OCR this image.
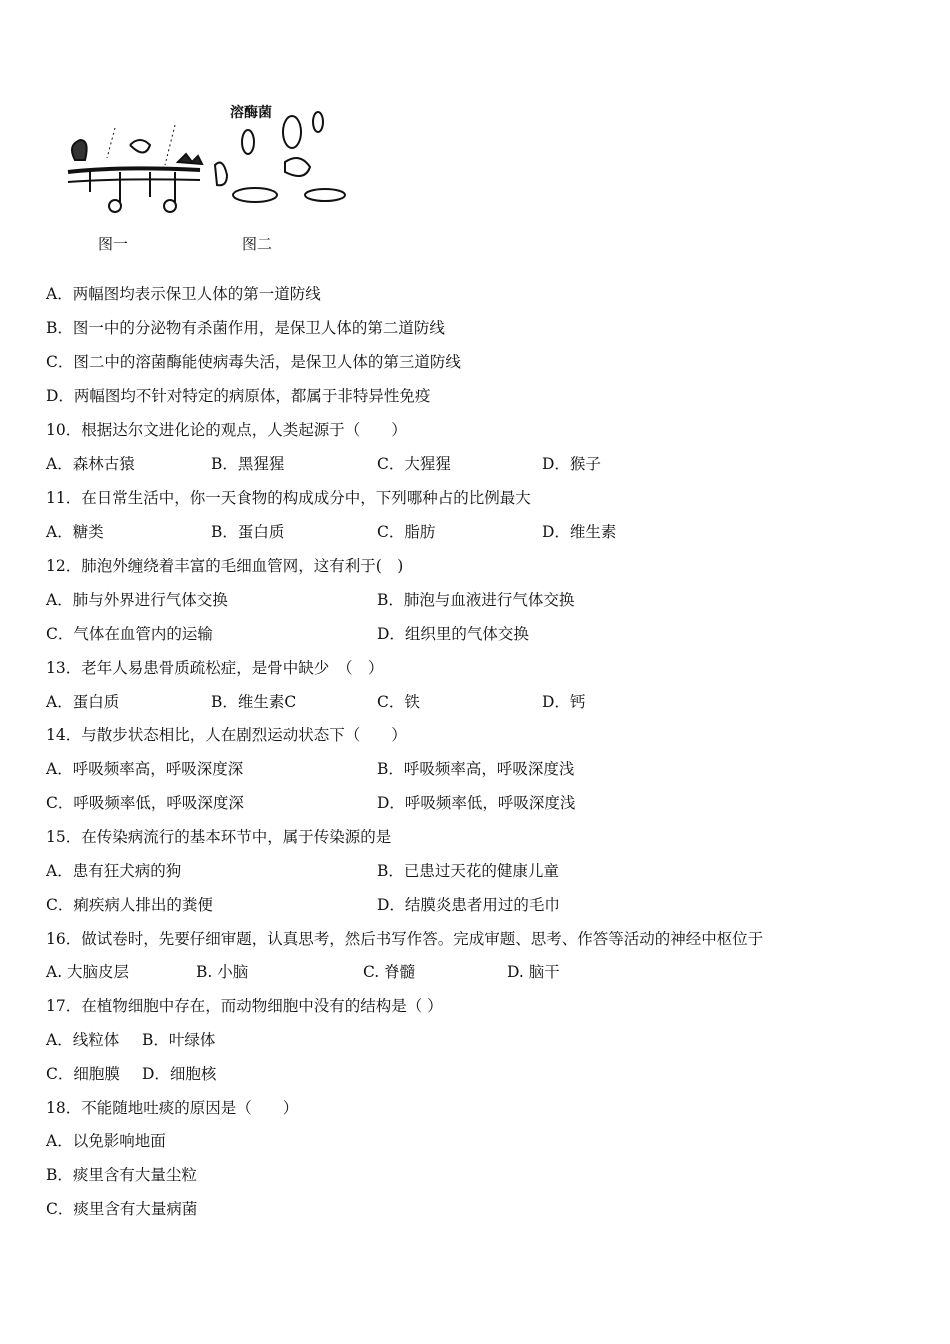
溶酶菌
图一	图二
A．两幅图均表示保卫人体的第一道防线
B．图一中的分泌物有杀菌作用，是保卫人体的第二道防线
C．图二中的溶菌酶能使病毒失活，是保卫人体的第三道防线
D．两幅图均不针对特定的病原体，都属于非特异性免疫
10．根据达尔文进化论的观点，人类起源于（　　）
A．森林古猿	B．黑猩猩	C．大猩猩	D．猴子
11．在日常生活中，你一天食物的构成成分中，下列哪种占的比例最大
A．糖类	B．蛋白质	C．脂肪	D．维生素
12．肺泡外缠绕着丰富的毛细血管网，这有利于(　)
A．肺与外界进行气体交换	B．肺泡与血液进行气体交换
C．气体在血管内的运输	D．组织里的气体交换
13．老年人易患骨质疏松症，是骨中缺少　（　）
A．蛋白质	B．维生素C	C．铁	D．钙
14．与散步状态相比，人在剧烈运动状态下（　　）
A．呼吸频率高，呼吸深度深	B．呼吸频率高，呼吸深度浅
C．呼吸频率低，呼吸深度深	D．呼吸频率低，呼吸深度浅
15．在传染病流行的基本环节中，属于传染源的是
A．患有狂犬病的狗	B．已患过天花的健康儿童
C．痢疾病人排出的粪便	D．结膜炎患者用过的毛巾
16．做试卷时，先要仔细审题，认真思考，然后书写作答。完成审题、思考、作答等活动的神经中枢位于
A. 大脑皮层	B. 小脑	C. 脊髓	D. 脑干
17．在植物细胞中存在，而动物细胞中没有的结构是（ ）
A．线粒体 B．叶绿体
C．细胞膜 D．细胞核
18．不能随地吐痰的原因是（　　）
A．以免影响地面
B．痰里含有大量尘粒
C．痰里含有大量病菌
